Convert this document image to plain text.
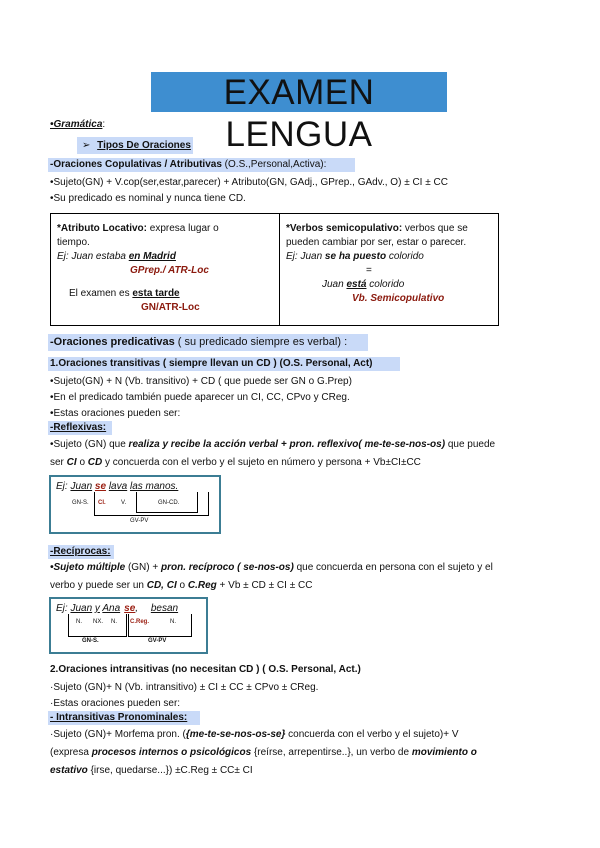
EXAMEN LENGUA
•Gramática:
➢ Tipos De Oraciones
-Oraciones Copulativas / Atributivas (O.S.,Personal,Activa):
•Sujeto(GN) + V.cop(ser,estar,parecer) + Atributo(GN, GAdj., GPrep., GAdv., O) ± CI ± CC
•Su predicado es nominal y nunca tiene CD.
*Atributo Locativo: expresa lugar o
tiempo.
Ej: Juan estaba en Madrid
GPrep./ ATR-Loc
El examen es esta tarde
GN/ATR-Loc

*Verbos semicopulativo: verbos que se
pueden cambiar por ser, estar o parecer.
Ej: Juan se ha puesto colorido
=
Juan está colorido
Vb. Semicopulativo
-Oraciones predicativas ( su predicado siempre es verbal) :
1.Oraciones transitivas ( siempre llevan un CD ) (O.S. Personal, Act)
•Sujeto(GN) + N (Vb. transitivo) + CD ( que puede ser GN o G.Prep)
•En el predicado también puede aparecer un CI, CC, CPvo y CReg.
•Estas oraciones pueden ser:
-Reflexivas:
•Sujeto (GN) que realiza y recibe la acción verbal + pron. reflexivo( me-te-se-nos-os) que puede
ser CI o CD y concuerda con el verbo y el sujeto en número y persona + Vb±CI±CC
Ej: Juan se lava las manos.
GN-S. CI.	V.	GN-CD.
GV-PV
-Recíprocas:
•Sujeto múltiple (GN) + pron. recíproco ( se-nos-os) que concuerda en persona con el sujeto y el
verbo y puede ser un CD, CI o C.Reg + Vb ± CD ± CI ± CC
Ej: Juan y Ana se, besan
N. NX. N. C.Reg.	N.
GN-S.	GV-PV
2.Oraciones intransitivas (no necesitan CD ) ( O.S. Personal, Act.)
·Sujeto (GN)+ N (Vb. intransitivo) ± CI ± CC ± CPvo ± CReg.
·Estas oraciones pueden ser:
- Intransitivas Pronominales:
·Sujeto (GN)+ Morfema pron. ({me-te-se-nos-os-se} concuerda con el verbo y el sujeto)+ V
(expresa procesos internos o psicológicos {reírse, arrepentirse..}, un verbo de movimiento o
estativo {irse, quedarse...}) ±C.Reg ± CC± CI
